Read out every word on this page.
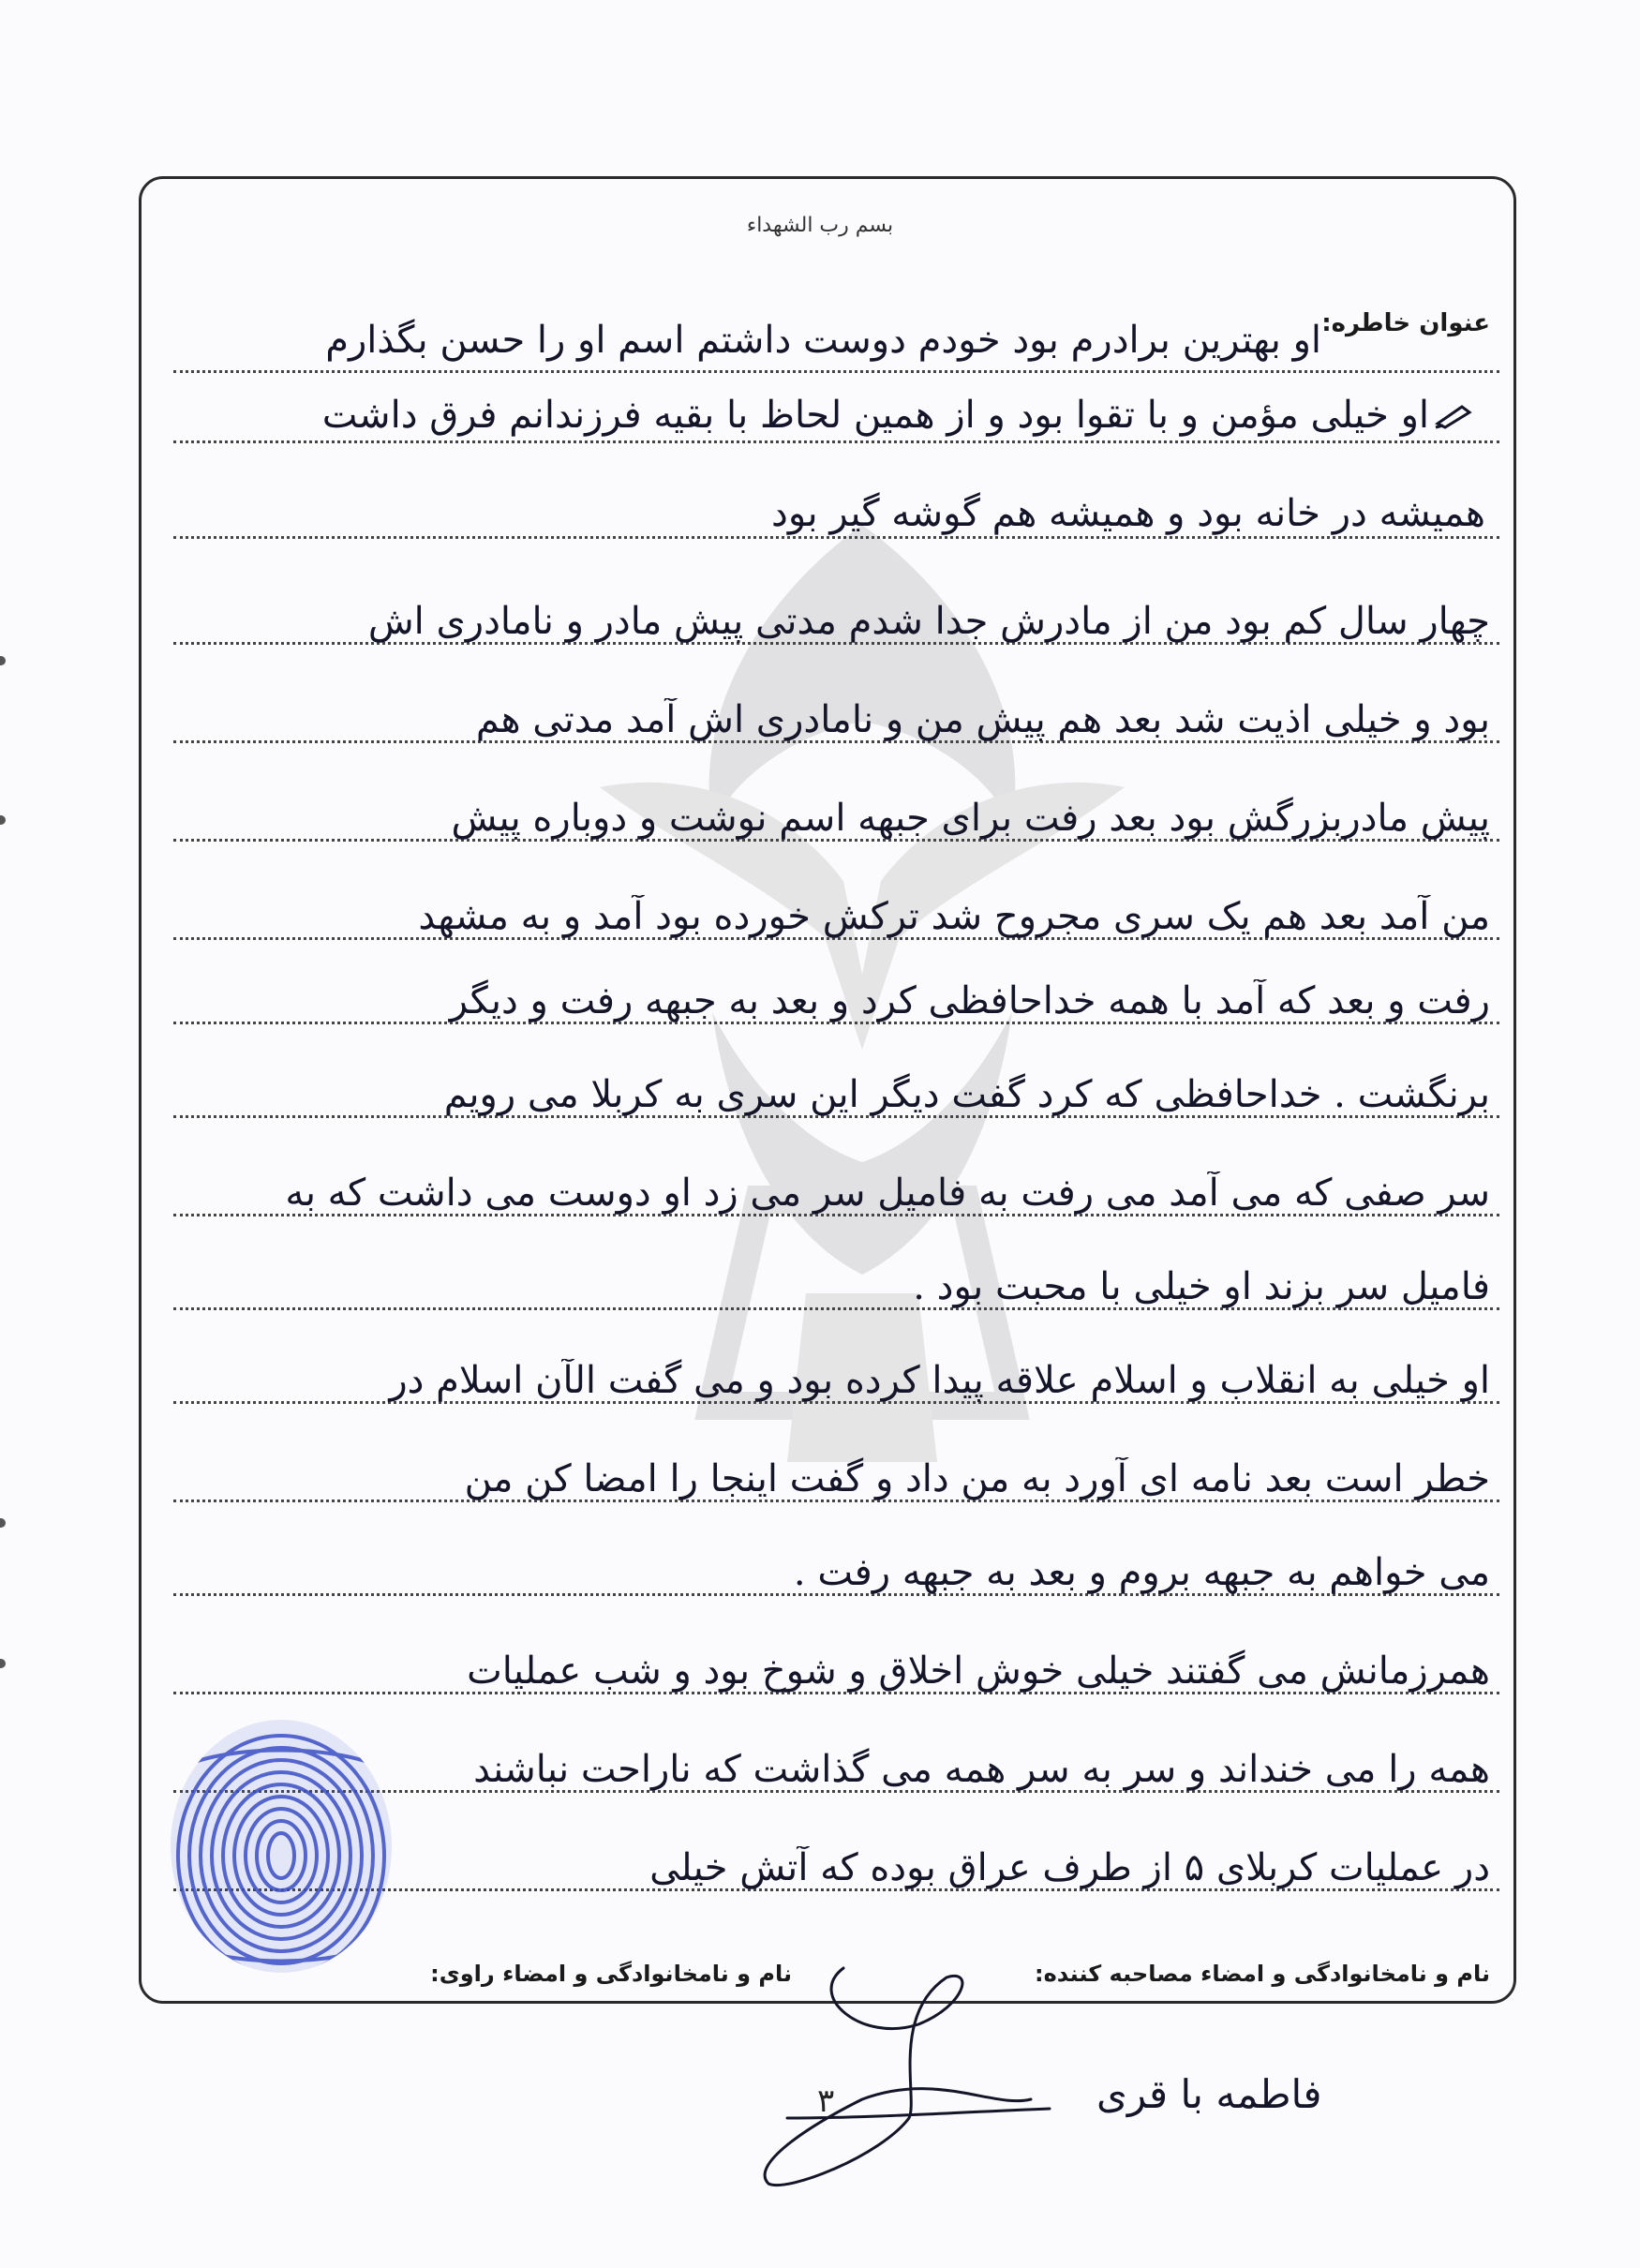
بسم رب الشهداء
عنوان خاطره:
او بهترین برادرم بود خودم دوست داشتم اسم او را حسن بگذارم
او خیلی مؤمن و با تقوا بود و از همین لحاظ با بقیه فرزندانم فرق داشت
همیشه در خانه بود و همیشه هم گوشه گیر بود
چهار سال کم بود من از مادرش جدا شدم مدتی پیش مادر و نامادری اش
بود و خیلی اذیت شد بعد هم پیش من و نامادری اش آمد مدتی هم
پیش مادربزرگش بود بعد رفت برای جبهه اسم نوشت و دوباره پیش
من آمد بعد هم یک سری مجروح شد ترکش خورده بود آمد و به مشهد
رفت و بعد که آمد با همه خداحافظی کرد و بعد به جبهه رفت و دیگر
برنگشت . خداحافظی که کرد گفت دیگر این سری به کربلا می رویم
سر صفی که می آمد می رفت به فامیل سر می زد او دوست می داشت که به
فامیل سر بزند او خیلی با محبت بود .
او خیلی به انقلاب و اسلام علاقه پیدا کرده بود و می گفت الآن اسلام در
خطر است بعد نامه ای آورد به من داد و گفت اینجا را امضا کن من
می خواهم به جبهه بروم و بعد به جبهه رفت .
همرزمانش می گفتند خیلی خوش اخلاق و شوخ بود و شب عملیات
همه را می خنداند و سر به سر همه می گذاشت که ناراحت نباشند
در عملیات کربلای ۵ از طرف عراق بوده که آتش خیلی
نام و نامخانوادگی و امضاء مصاحبه کننده:
نام و نامخانوادگی و امضاء راوی:
۳	فاطمه با قری
